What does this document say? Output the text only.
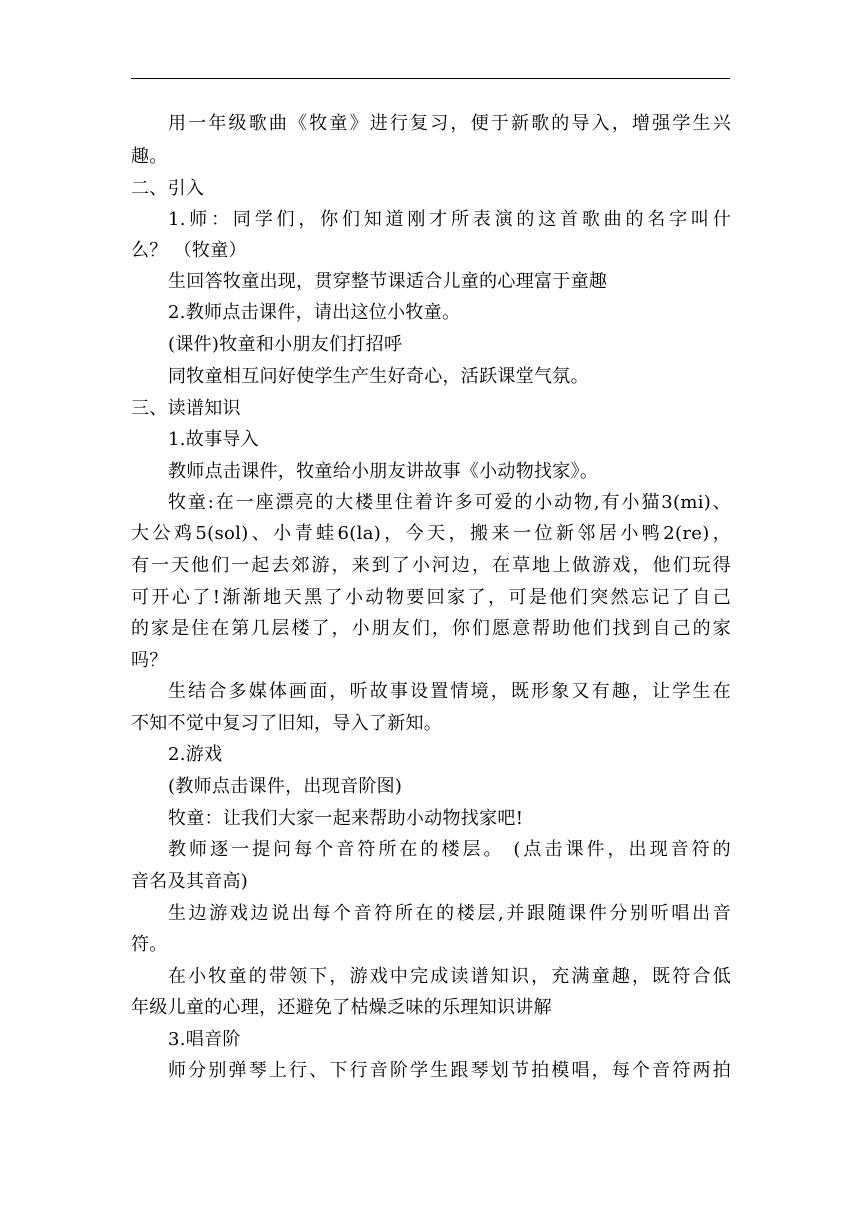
用一年级歌曲《牧童》进行复习，便于新歌的导入，增强学生兴
趣。
二、引入
1.师：同学们，你们知道刚才所表演的这首歌曲的名字叫什
么？ （牧童）
生回答牧童出现，贯穿整节课适合儿童的心理富于童趣
2.教师点击课件，请出这位小牧童。
(课件)牧童和小朋友们打招呼
同牧童相互问好使学生产生好奇心，活跃课堂气氛。
三、读谱知识
1.故事导入
教师点击课件，牧童给小朋友讲故事《小动物找家》。
牧童:在一座漂亮的大楼里住着许多可爱的小动物,有小猫3(mi)、
大公鸡5(sol)、小青蛙6(la)，今天，搬来一位新邻居小鸭2(re)，
有一天他们一起去郊游，来到了小河边，在草地上做游戏，他们玩得
可开心了!渐渐地天黑了小动物要回家了，可是他们突然忘记了自己
的家是住在第几层楼了，小朋友们，你们愿意帮助他们找到自己的家
吗？
生结合多媒体画面，听故事设置情境，既形象又有趣，让学生在
不知不觉中复习了旧知，导入了新知。
2.游戏
(教师点击课件，出现音阶图)
牧童：让我们大家一起来帮助小动物找家吧!
教师逐一提问每个音符所在的楼层。 (点击课件，出现音符的
音名及其音高)
生边游戏边说出每个音符所在的楼层,并跟随课件分别听唱出音
符。
在小牧童的带领下，游戏中完成读谱知识，充满童趣，既符合低
年级儿童的心理，还避免了枯燥乏味的乐理知识讲解
3.唱音阶
师分别弹琴上行、下行音阶学生跟琴划节拍模唱，每个音符两拍
